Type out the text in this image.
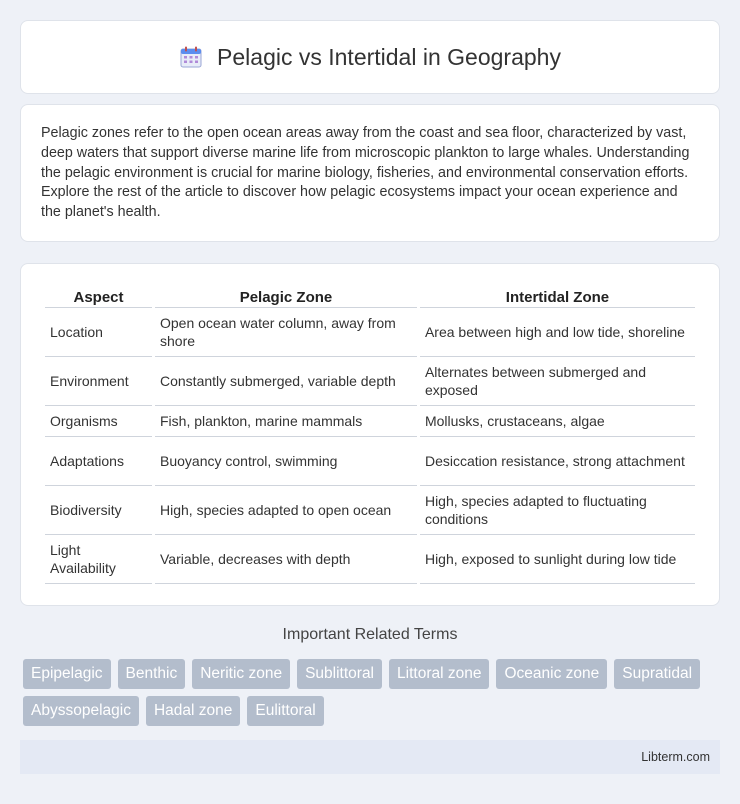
Pelagic vs Intertidal in Geography

Pelagic zones refer to the open ocean areas away from the coast and sea floor, characterized by vast, deep waters that support diverse marine life from microscopic plankton to large whales. Understanding the pelagic environment is crucial for marine biology, fisheries, and environmental conservation efforts. Explore the rest of the article to discover how pelagic ecosystems impact your ocean experience and the planet's health.

Aspect	Pelagic Zone	Intertidal Zone
Location	Open ocean water column, away from shore	Area between high and low tide, shoreline
Environment	Constantly submerged, variable depth	Alternates between submerged and exposed
Organisms	Fish, plankton, marine mammals	Mollusks, crustaceans, algae
Adaptations	Buoyancy control, swimming	Desiccation resistance, strong attachment
Biodiversity	High, species adapted to open ocean	High, species adapted to fluctuating conditions
Light Availability	Variable, decreases with depth	High, exposed to sunlight during low tide
Important Related Terms
Epipelagic	Benthic	Neritic zone	Sublittoral	Littoral zone	Oceanic zone	Supratidal
Abyssopelagic	Hadal zone	Eulittoral
Libterm.com
